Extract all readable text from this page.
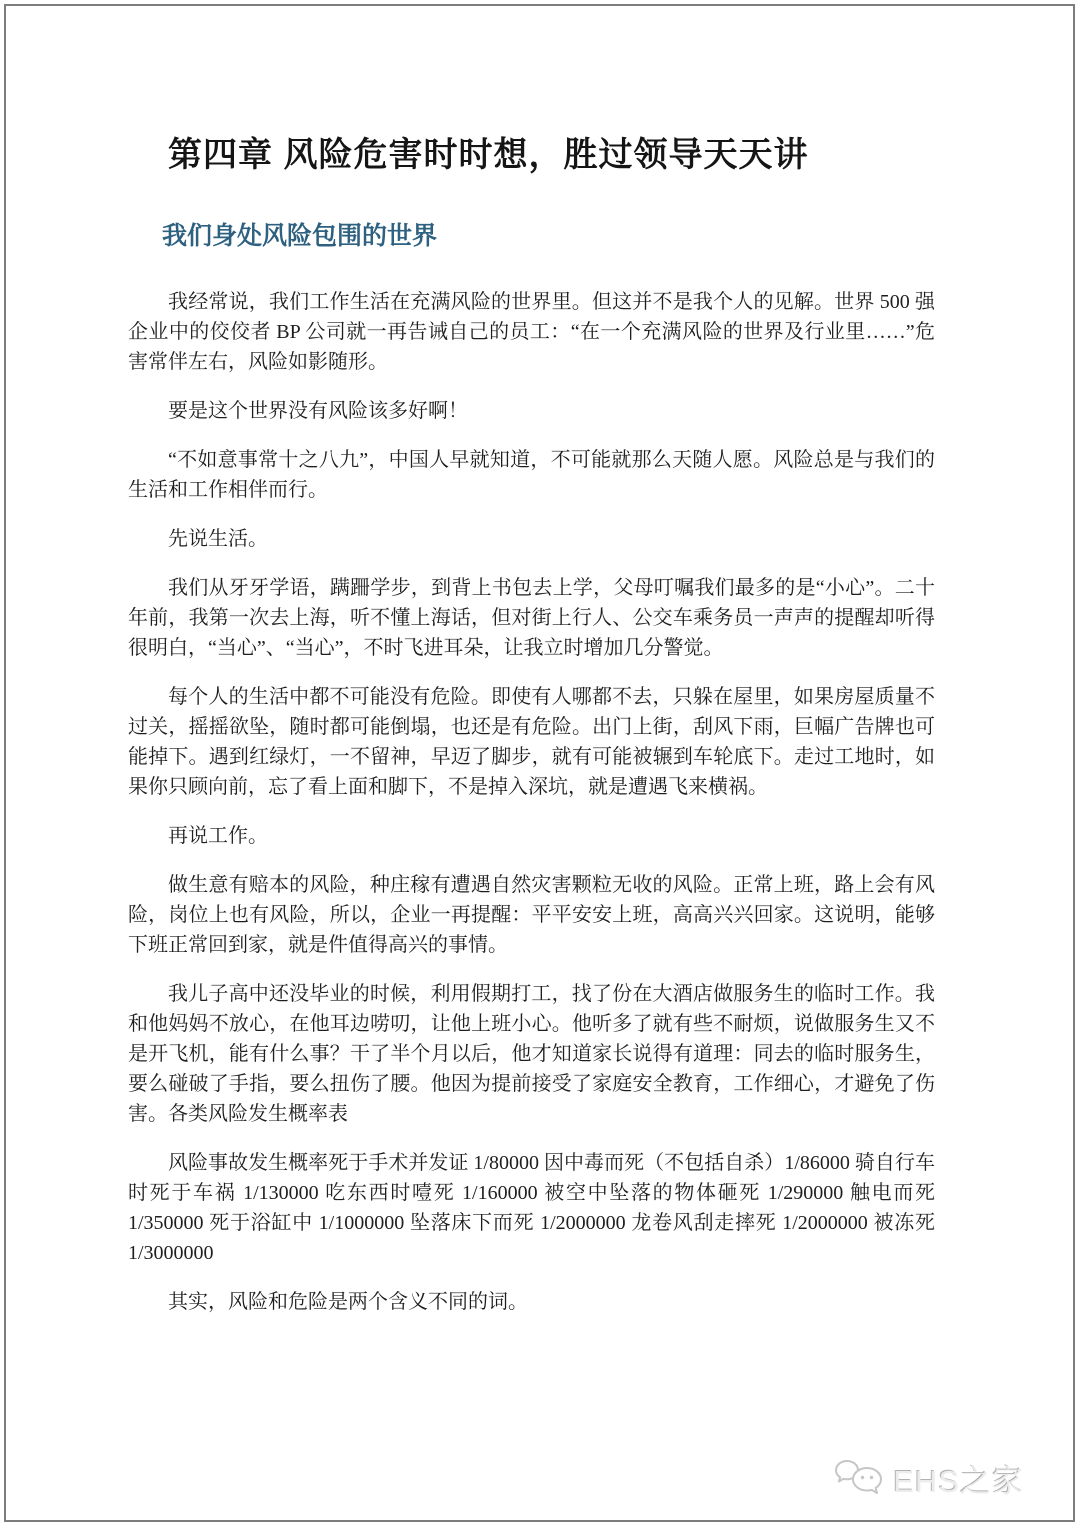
第四章 风险危害时时想，胜过领导天天讲
我们身处风险包围的世界

我经常说，我们工作生活在充满风险的世界里。但这并不是我个人的见解。世界 500 强企业中的佼佼者 BP 公司就一再告诫自己的员工：“在一个充满风险的世界及行业里……”危害常伴左右，风险如影随形。

要是这个世界没有风险该多好啊！

“不如意事常十之八九”，中国人早就知道，不可能就那么天随人愿。风险总是与我们的生活和工作相伴而行。

先说生活。

我们从牙牙学语，蹒跚学步，到背上书包去上学，父母叮嘱我们最多的是“小心”。二十年前，我第一次去上海，听不懂上海话，但对街上行人、公交车乘务员一声声的提醒却听得很明白，“当心”、“当心”，不时飞进耳朵，让我立时增加几分警觉。

每个人的生活中都不可能没有危险。即使有人哪都不去，只躲在屋里，如果房屋质量不过关，摇摇欲坠，随时都可能倒塌，也还是有危险。出门上街，刮风下雨，巨幅广告牌也可能掉下。遇到红绿灯，一不留神，早迈了脚步，就有可能被辗到车轮底下。走过工地时，如果你只顾向前，忘了看上面和脚下，不是掉入深坑，就是遭遇飞来横祸。

再说工作。

做生意有赔本的风险，种庄稼有遭遇自然灾害颗粒无收的风险。正常上班，路上会有风险，岗位上也有风险，所以，企业一再提醒：平平安安上班，高高兴兴回家。这说明，能够下班正常回到家，就是件值得高兴的事情。

我儿子高中还没毕业的时候，利用假期打工，找了份在大酒店做服务生的临时工作。我和他妈妈不放心，在他耳边唠叨，让他上班小心。他听多了就有些不耐烦，说做服务生又不是开飞机，能有什么事？干了半个月以后，他才知道家长说得有道理：同去的临时服务生，要么碰破了手指，要么扭伤了腰。他因为提前接受了家庭安全教育，工作细心，才避免了伤害。各类风险发生概率表

风险事故发生概率死于手术并发证 1/80000 因中毒而死（不包括自杀）1/86000 骑自行车时死于车祸 1/130000 吃东西时噎死 1/160000 被空中坠落的物体砸死 1/290000 触电而死 1/350000 死于浴缸中 1/1000000 坠落床下而死 1/2000000 龙卷风刮走摔死 1/2000000 被冻死 1/3000000

其实，风险和危险是两个含义不同的词。

EHS之家
